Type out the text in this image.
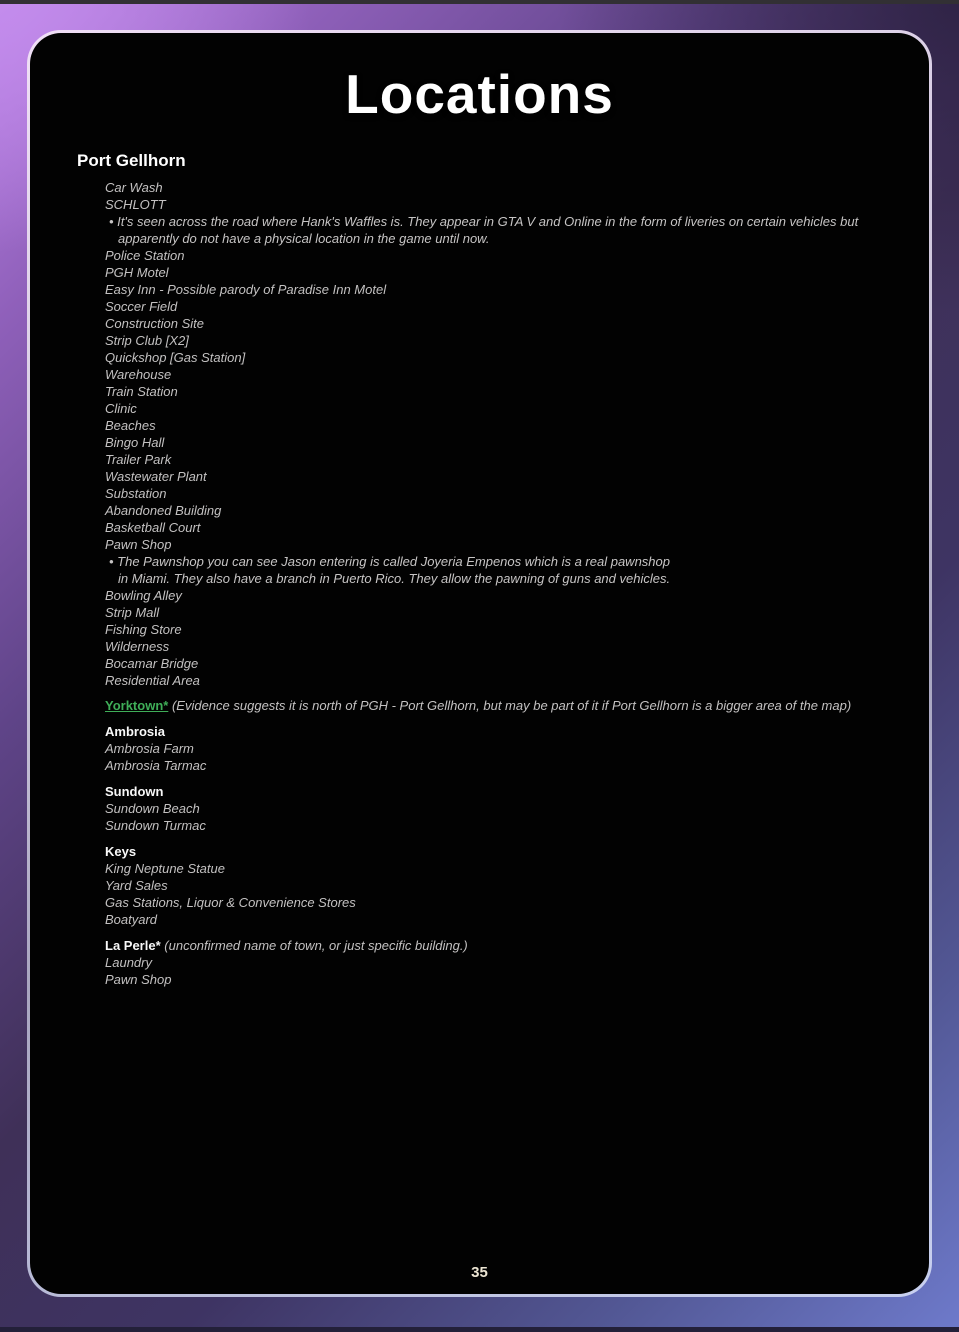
Locations
Port Gellhorn
Car Wash
SCHLOTT
• It's seen across the road where Hank's Waffles is. They appear in GTA V and Online in the form of liveries on certain vehicles but
apparently do not have a physical location in the game until now.
Police Station
PGH Motel
Easy Inn - Possible parody of Paradise Inn Motel
Soccer Field
Construction Site
Strip Club [X2]
Quickshop [Gas Station]
Warehouse
Train Station
Clinic
Beaches
Bingo Hall
Trailer Park
Wastewater Plant
Substation
Abandoned Building
Basketball Court
Pawn Shop
• The Pawnshop you can see Jason entering is called Joyeria Empenos which is a real pawnshop
in Miami. They also have a branch in Puerto Rico. They allow the pawning of guns and vehicles.
Bowling Alley
Strip Mall
Fishing Store
Wilderness
Bocamar Bridge
Residential Area
Yorktown* (Evidence suggests it is north of PGH - Port Gellhorn, but may be part of it if Port Gellhorn is a bigger area of the map)
Ambrosia
Ambrosia Farm
Ambrosia Tarmac
Sundown
Sundown Beach
Sundown Turmac
Keys
King Neptune Statue
Yard Sales
Gas Stations, Liquor & Convenience Stores
Boatyard
La Perle* (unconfirmed name of town, or just specific building.)
Laundry
Pawn Shop
35
